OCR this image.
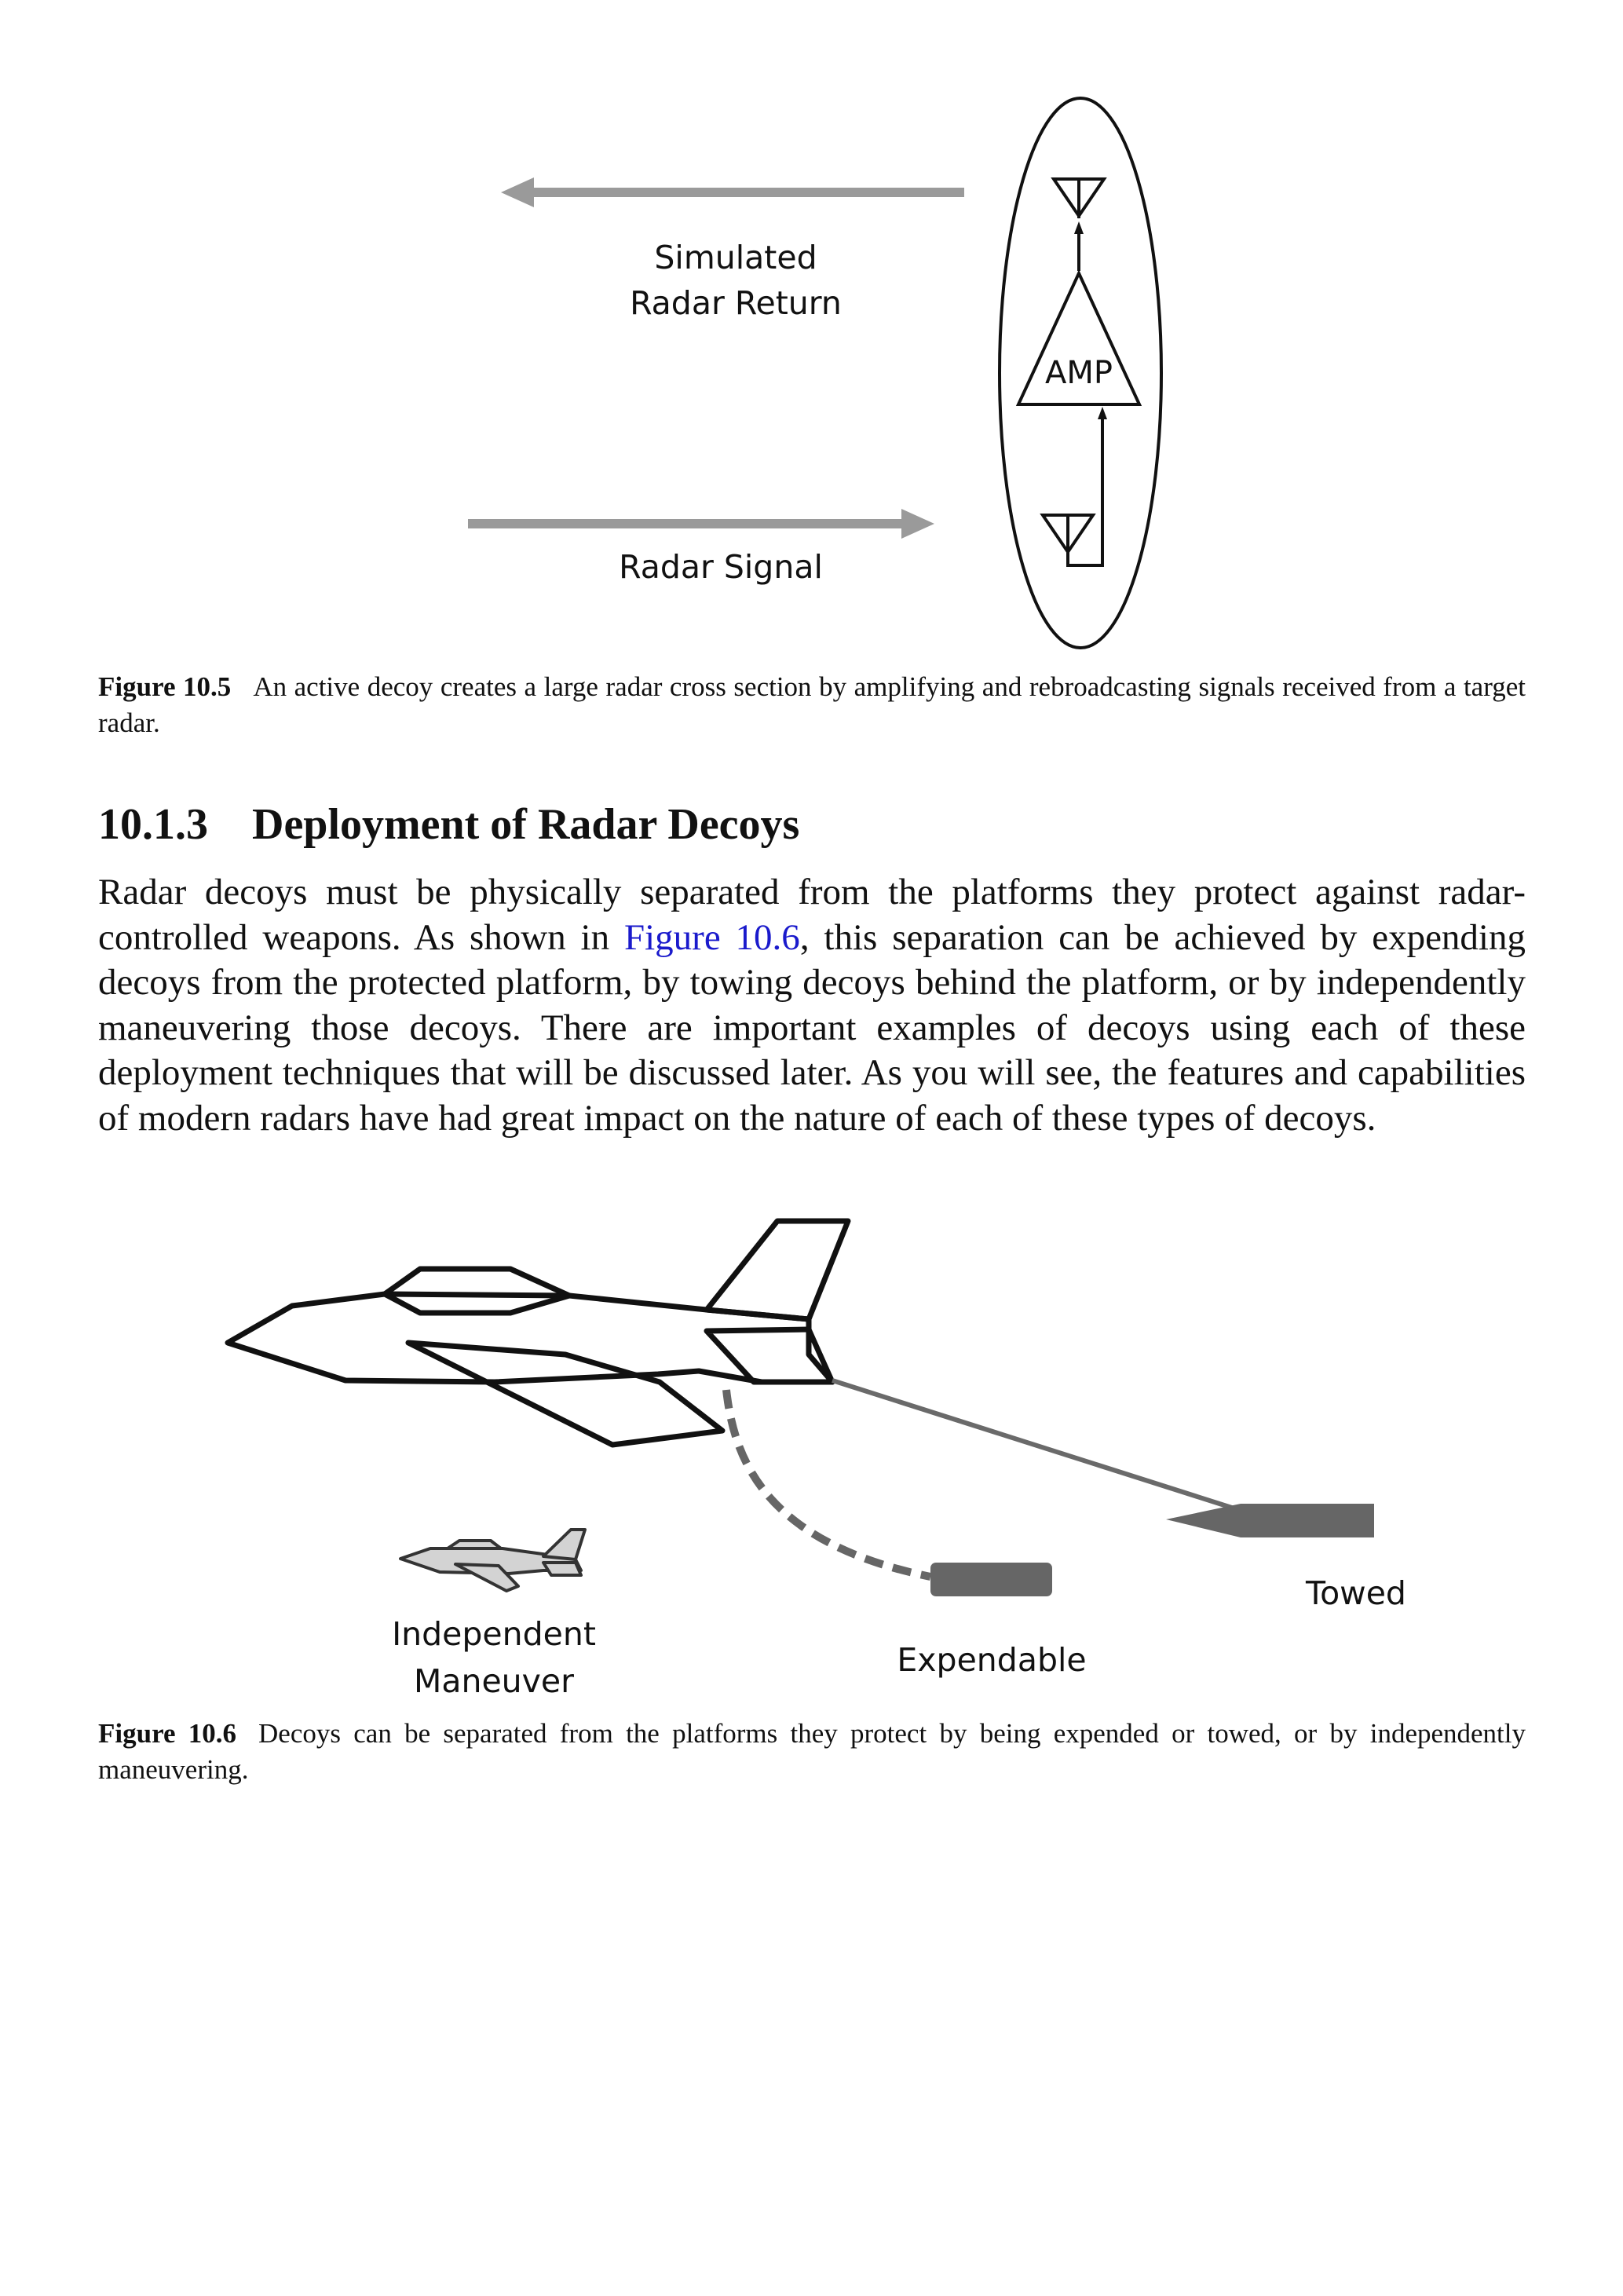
Simulated
Radar Return
Radar Signal
AMP

Figure 10.5 An active decoy creates a large radar cross section by amplifying and rebroadcasting signals received from a target radar.

10.1.3 Deployment of Radar Decoys

Radar decoys must be physically separated from the platforms they protect against radar-controlled weapons. As shown in Figure 10.6, this separation can be achieved by expending decoys from the protected platform, by towing decoys behind the platform, or by independently maneuvering those decoys. There are important examples of decoys using each of these deployment techniques that will be discussed later. As you will see, the features and capabilities of modern radars have had great impact on the nature of each of these types of decoys.

Towed
Expendable
Independent
Maneuver

Figure 10.6 Decoys can be separated from the platforms they protect by being expended or towed, or by independently maneuvering.
